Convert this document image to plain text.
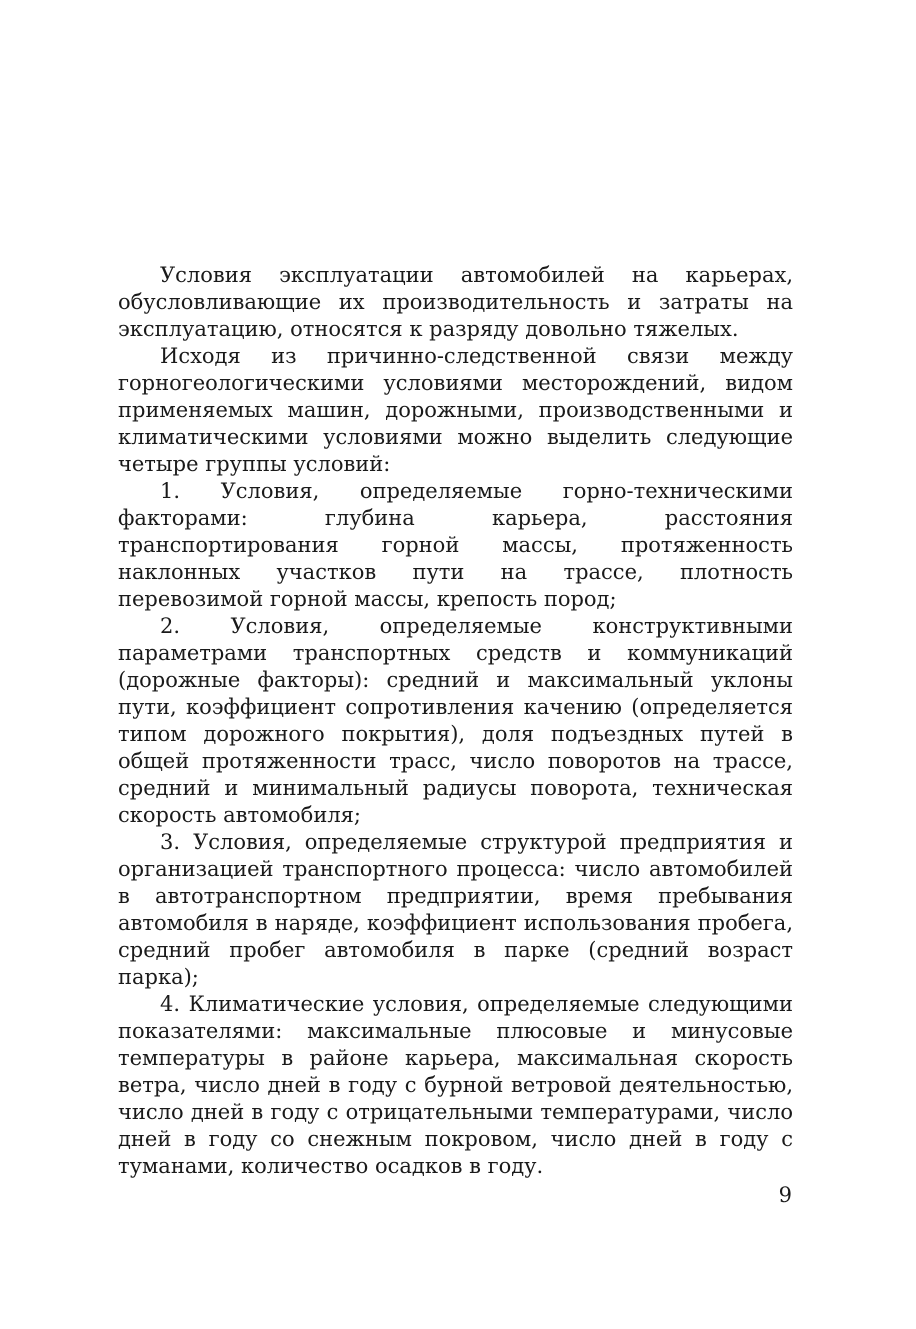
Условия эксплуатации автомобилей на карьерах, обусловливающие их производительность и затраты на эксплуатацию, относятся к разряду довольно тяжелых.

Исходя из причинно-следственной связи между горногеологическими условиями месторождений, видом применяемых машин, дорожными, производственными и климатическими условиями можно выделить следующие четыре группы условий:

1. Условия, определяемые горно-техническими факторами: глубина карьера, расстояния транспортирования горной массы, протяженность наклонных участков пути на трассе, плотность перевозимой горной массы, крепость пород;

2. Условия, определяемые конструктивными параметрами транспортных средств и коммуникаций (дорожные факторы): средний и максимальный уклоны пути, коэффициент сопротивления качению (определяется типом дорожного покрытия), доля подъездных путей в общей протяженности трасс, число поворотов на трассе, средний и минимальный радиусы поворота, техническая скорость автомобиля;

3. Условия, определяемые структурой предприятия и организацией транспортного процесса: число автомобилей в автотранспортном предприятии, время пребывания автомобиля в наряде, коэффициент использования пробега, средний пробег автомобиля в парке (средний возраст парка);

4. Климатические условия, определяемые следующими показателями: максимальные плюсовые и минусовые температуры в районе карьера, максимальная скорость ветра, число дней в году с бурной ветровой деятельностью, число дней в году с отрицательными температурами, число дней в году со снежным покровом, число дней в году с туманами, количество осадков в году.

9
